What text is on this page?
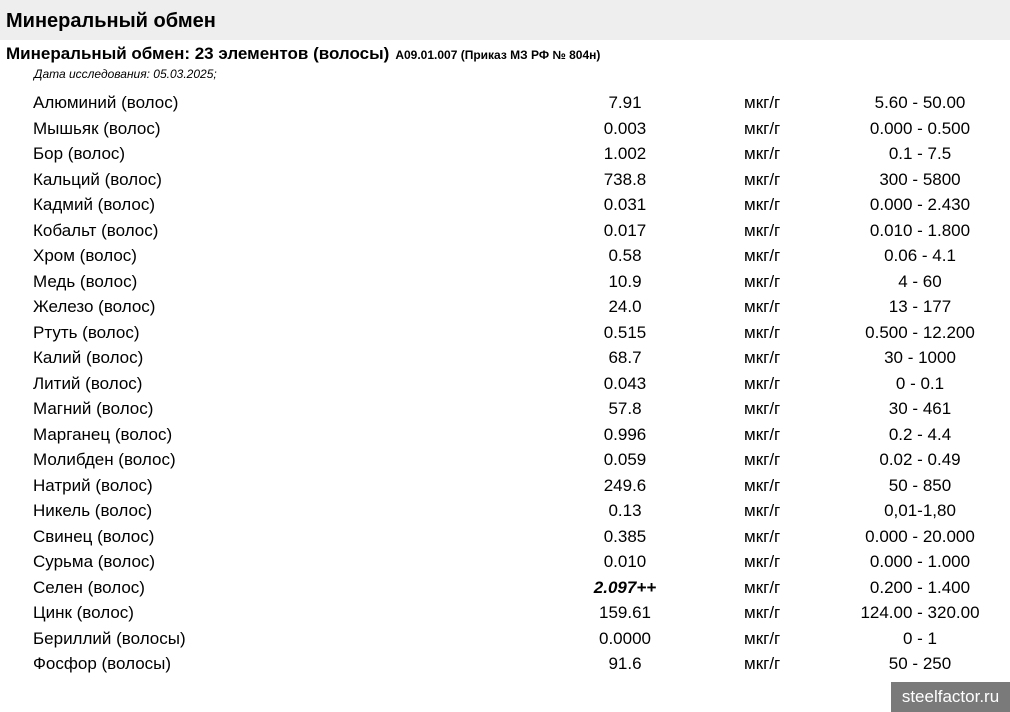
Минеральный обмен
Минеральный обмен: 23 элементов (волосы) A09.01.007 (Приказ МЗ РФ № 804н)
Дата исследования: 05.03.2025;
Алюминий (волос)	7.91	мкг/г	5.60 - 50.00
Мышьяк (волос)	0.003	мкг/г	0.000 - 0.500
Бор (волос)	1.002	мкг/г	0.1 - 7.5
Кальций (волос)	738.8	мкг/г	300 - 5800
Кадмий (волос)	0.031	мкг/г	0.000 - 2.430
Кобальт (волос)	0.017	мкг/г	0.010 - 1.800
Хром (волос)	0.58	мкг/г	0.06 - 4.1
Медь (волос)	10.9	мкг/г	4 - 60
Железо (волос)	24.0	мкг/г	13 - 177
Ртуть (волос)	0.515	мкг/г	0.500 - 12.200
Калий (волос)	68.7	мкг/г	30 - 1000
Литий (волос)	0.043	мкг/г	0 - 0.1
Магний (волос)	57.8	мкг/г	30 - 461
Марганец (волос)	0.996	мкг/г	0.2 - 4.4
Молибден (волос)	0.059	мкг/г	0.02 - 0.49
Натрий (волос)	249.6	мкг/г	50 - 850
Никель (волос)	0.13	мкг/г	0,01-1,80
Свинец (волос)	0.385	мкг/г	0.000 - 20.000
Сурьма (волос)	0.010	мкг/г	0.000 - 1.000
Селен (волос)	2.097++	мкг/г	0.200 - 1.400
Цинк (волос)	159.61	мкг/г	124.00 - 320.00
Бериллий (волосы)	0.0000	мкг/г	0 - 1
Фосфор (волосы)	91.6	мкг/г	50 - 250
steelfactor.ru
